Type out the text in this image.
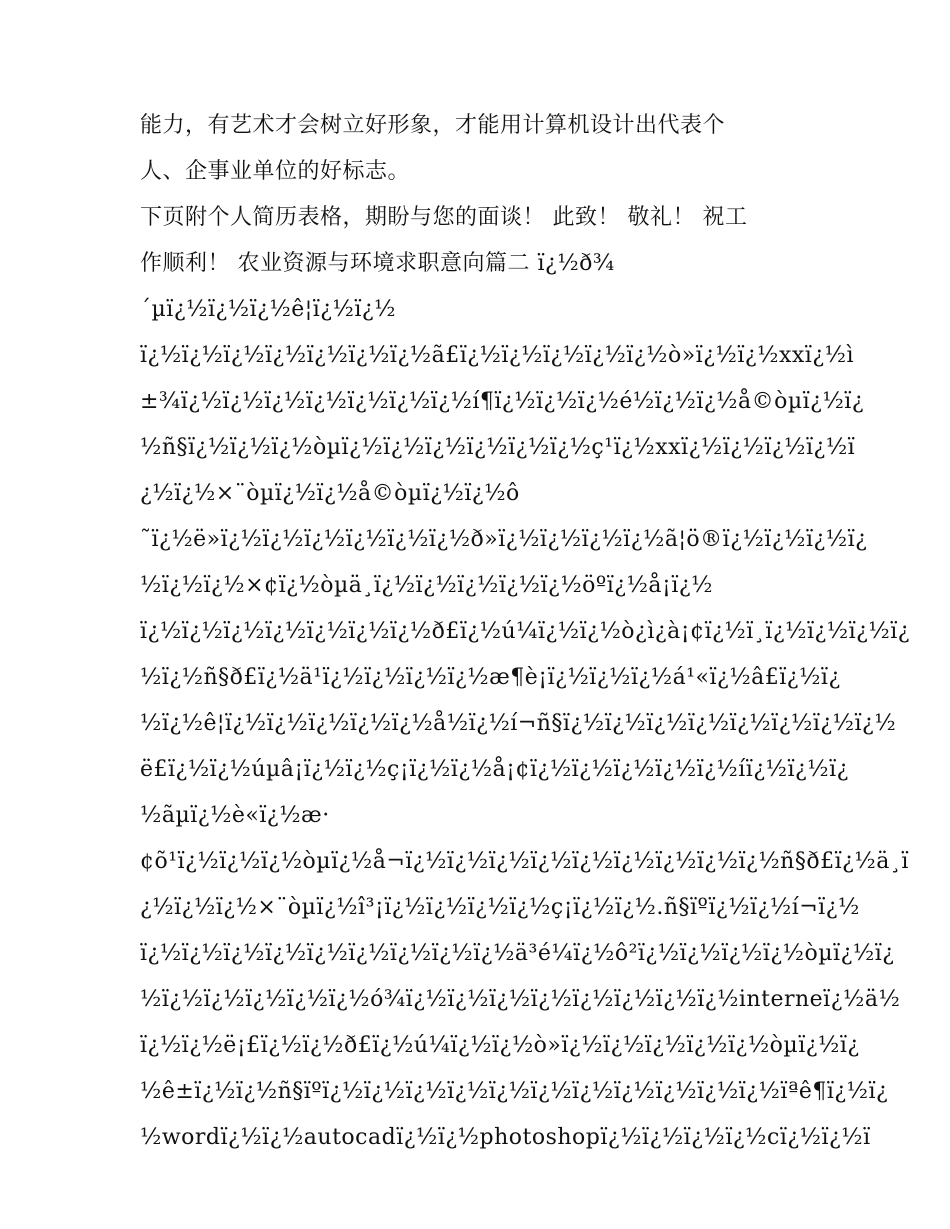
能力，有艺术才会树立好形象，才能用计算机设计出代表个
人、企事业单位的好标志。
下页附个人简历表格，期盼与您的面谈！ 此致！ 敬礼！ 祝工
作顺利！ 农业资源与环境求职意向篇二 ï¿½ð¾
´µï¿½ï¿½ï¿½ê¦ï¿½ï¿½
ï¿½ï¿½ï¿½ï¿½ï¿½ï¿½ï¿½ã£ï¿½ï¿½ï¿½ï¿½ï¿½ò»ï¿½ï¿½xxï¿½ì
±¾ï¿½ï¿½ï¿½ï¿½ï¿½ï¿½ï¿½í¶ï¿½ï¿½ï¿½é½ï¿½ï¿½å©òµï¿½ï¿
½ñ§ï¿½ï¿½ï¿½òµï¿½ï¿½ï¿½ï¿½ï¿½ï¿½ç¹ï¿½xxï¿½ï¿½ï¿½ï¿½ï
¿½ï¿½×¨òµï¿½ï¿½å©òµï¿½ï¿½ô
˜ï¿½ë»ï¿½ï¿½ï¿½ï¿½ï¿½ï¿½ð»ï¿½ï¿½ï¿½ï¿½ã¦ö®ï¿½ï¿½ï¿½ï¿
½ï¿½ï¿½×¢ï¿½òµä¸ï¿½ï¿½ï¿½ï¿½ï¿½öºï¿½å¡ï¿½
ï¿½ï¿½ï¿½ï¿½ï¿½ï¿½ï¿½ð£ï¿½ú¼ï¿½ï¿½ò¿ì¿à¡¢ï¿½ï¸ï¿½ï¿½ï¿½ï¿
½ï¿½ñ§ð£ï¿½ä¹ï¿½ï¿½ï¿½ï¿½æ¶è¡ï¿½ï¿½ï¿½á¹«ï¿½â£ï¿½ï¿
½ï¿½ê¦ï¿½ï¿½ï¿½ï¿½ï¿½å½ï¿½í¬ñ§ï¿½ï¿½ï¿½ï¿½ï¿½ï¿½ï¿½ï¿½
ë£ï¿½ï¿½úµâ¡ï¿½ï¿½ç¡ï¿½ï¿½å¡¢ï¿½ï¿½ï¿½ï¿½ï¿½íï¿½ï¿½ï¿
½ãµï¿½è«ï¿½æ·
¢õ¹ï¿½ï¿½ï¿½òµï¿½å¬ï¿½ï¿½ï¿½ï¿½ï¿½ï¿½ï¿½ï¿½ï¿½ñ§ð£ï¿½ä¸ï
¿½ï¿½ï¿½×¨òµï¿½î³¡ï¿½ï¿½ï¿½ï¿½ç¡ï¿½ï¿½.ñ§ïºï¿½ï¿½í¬ï¿½
ï¿½ï¿½ï¿½ï¿½ï¿½ï¿½ï¿½ï¿½ï¿½ä³é¼ï¿½ô²ï¿½ï¿½ï¿½ï¿½òµï¿½ï¿
½ï¿½ï¿½ï¿½ï¿½ï¿½ó¾ï¿½ï¿½ï¿½ï¿½ï¿½ï¿½ï¿½ï¿½interneï¿½ä½
ï¿½ï¿½ë¡£ï¿½ï¿½ð£ï¿½ú¼ï¿½ï¿½ò»ï¿½ï¿½ï¿½ï¿½ï¿½òµï¿½ï¿
½ê±ï¿½ï¿½ñ§ïºï¿½ï¿½ï¿½ï¿½ï¿½ï¿½ï¿½ï¿½ï¿½ï¿½ï¿½ïªê¶ï¿½ï¿
½wordï¿½ï¿½autocadï¿½ï¿½photoshopï¿½ï¿½ï¿½ï¿½cï¿½ï¿½ï
